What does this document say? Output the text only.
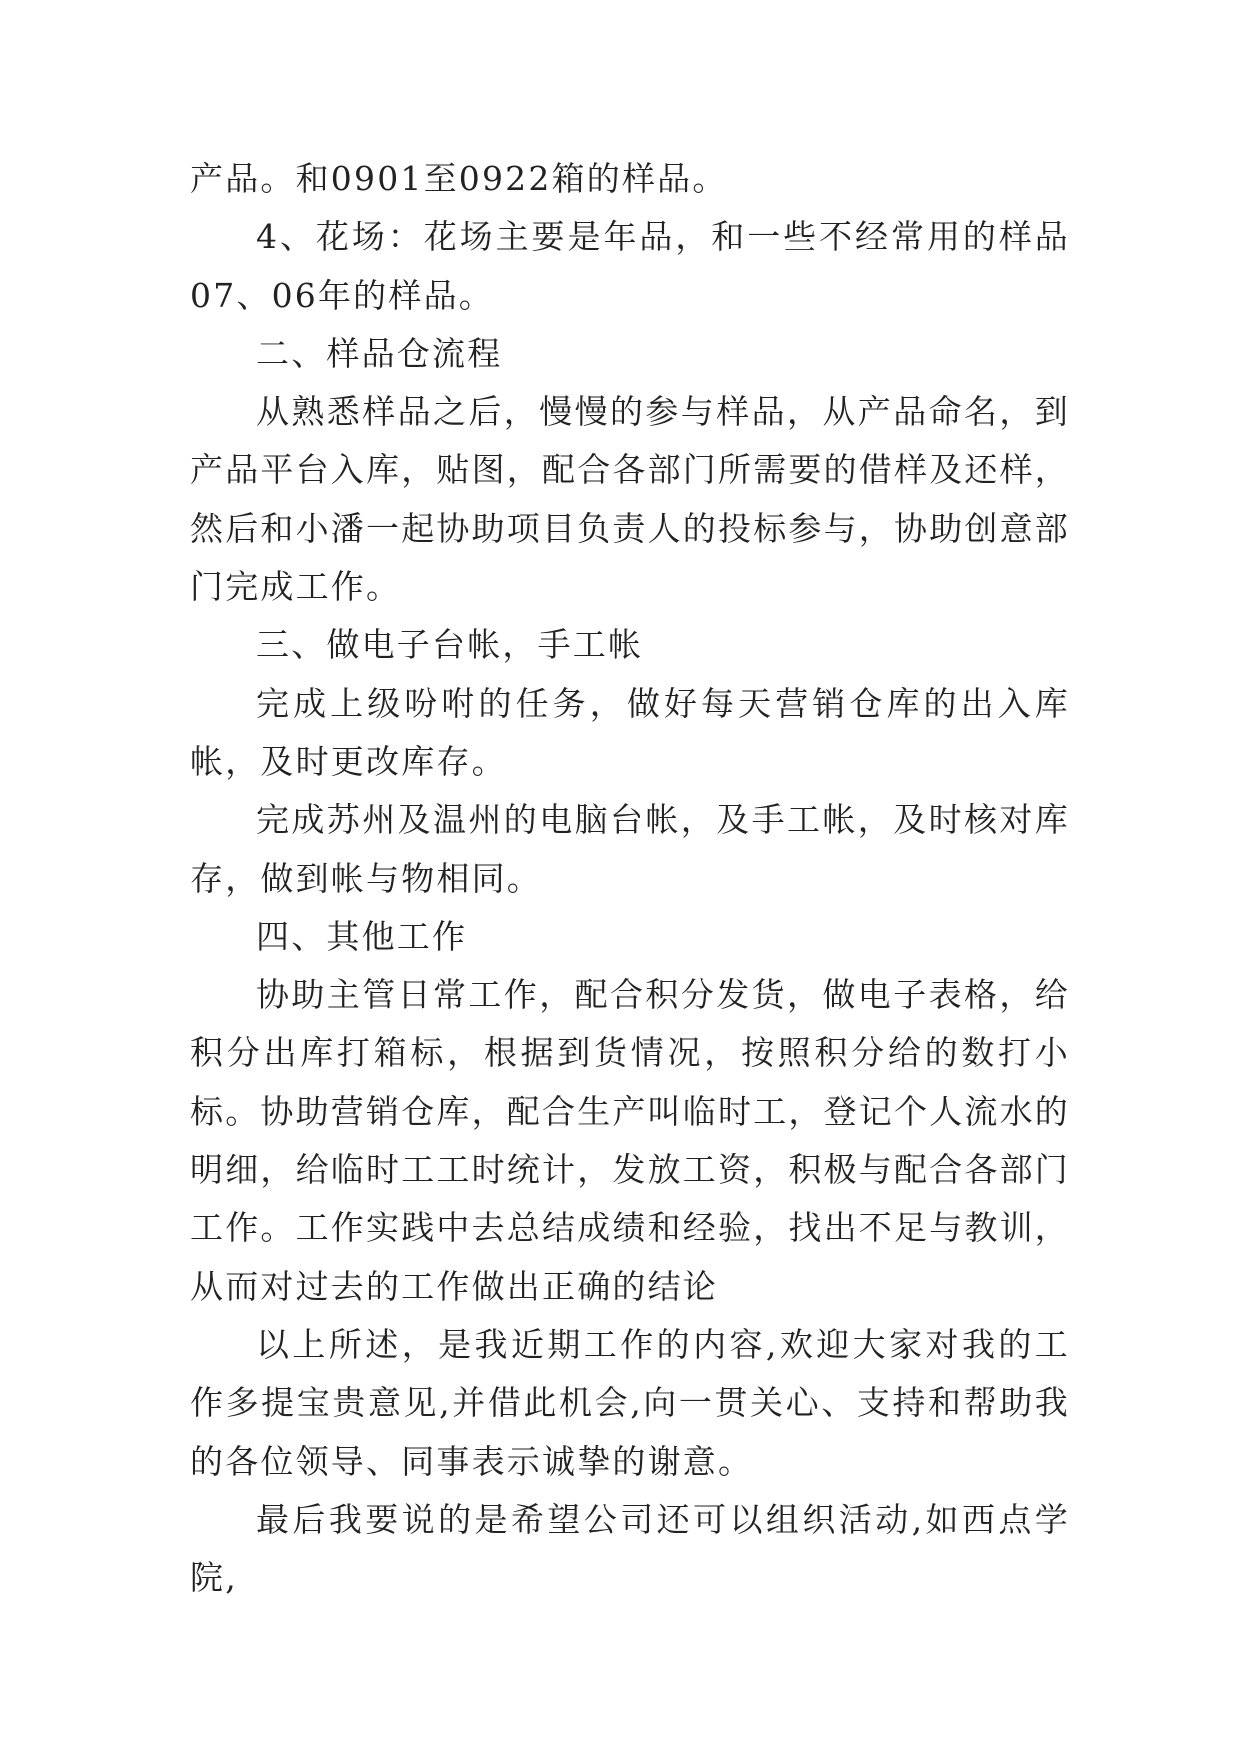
产品。和0901至0922箱的样品。

4、花场：花场主要是年品，和一些不经常用的样品07、06年的样品。

二、样品仓流程

从熟悉样品之后，慢慢的参与样品，从产品命名，到产品平台入库，贴图，配合各部门所需要的借样及还样，然后和小潘一起协助项目负责人的投标参与，协助创意部门完成工作。

三、做电子台帐，手工帐

完成上级吩咐的任务，做好每天营销仓库的出入库帐，及时更改库存。

完成苏州及温州的电脑台帐，及手工帐，及时核对库存，做到帐与物相同。

四、其他工作

协助主管日常工作，配合积分发货，做电子表格，给积分出库打箱标，根据到货情况，按照积分给的数打小标。协助营销仓库，配合生产叫临时工，登记个人流水的明细，给临时工工时统计，发放工资，积极与配合各部门工作。工作实践中去总结成绩和经验，找出不足与教训，从而对过去的工作做出正确的结论

以上所述，是我近期工作的内容,欢迎大家对我的工作多提宝贵意见,并借此机会,向一贯关心、支持和帮助我的各位领导、同事表示诚挚的谢意。

最后我要说的是希望公司还可以组织活动,如西点学院,
